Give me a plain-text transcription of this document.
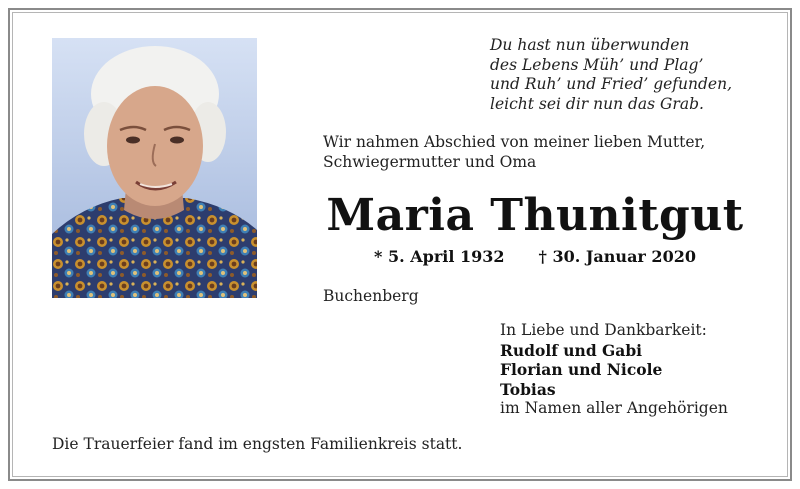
Du hast nun überwunden
des Lebens Müh’ und Plag’
und Ruh’ und Fried’ gefunden,
leicht sei dir nun das Grab.
Wir nahmen Abschied von meiner lieben Mutter,
Schwiegermutter und Oma
Maria Thunitgut
* 5. April 1932 † 30. Januar 2020
Buchenberg
In Liebe und Dankbarkeit:
Rudolf und Gabi
Florian und Nicole
Tobias
im Namen aller Angehörigen
Die Trauerfeier fand im engsten Familienkreis statt.
